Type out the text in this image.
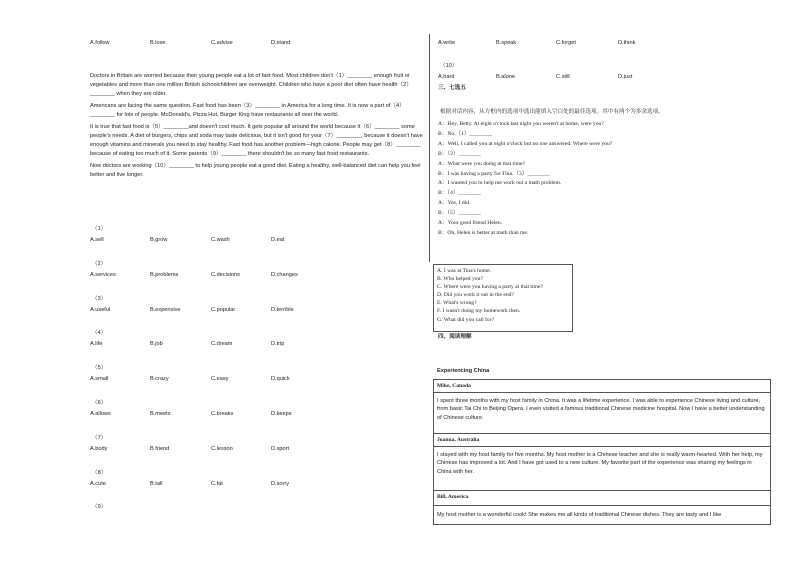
A.follow	B.lose	C.advise	D.stand

Doctors in Britain are worried because their young people eat a lot of fast food. Most children don't（1）________ enough fruit or vegetables and more than one million British schoolchildren are overweight. Children who have a poor diet often have health（2）________ when they are older.

Americans are facing the same question. Fast food has been（3）________ in America for a long time. It is now a part of（4）________ for lots of people. McDonald's, Pizza Hut, Burger King have restaurants all over the world.

It is true that fast food is（5）________and doesn't cost much. It gets popular all around the world because it（6）________ some people's needs. A diet of burgers, chips and soda may taste delicious, but it isn't good for your（7）________, because it doesn't have enough vitamins and minerals you need to stay healthy. Fast food has another problem—high calorie. People may get（8）________ because of eating too much of it. Some parents（9）________ there shouldn't be so many fast food restaurants.

Now doctors are working（10）________ to help young people eat a good diet. Eating a healthy, well-balanced diet can help you feel better and live longer.

（1）
A.sell	B.grow	C.wash	D.eat
（2）
A.services	B.problems	C.decisions	D.changes
（3）
A.useful	B.expensive	C.popular	D.terrible
（4）
A.life	B.job	C.dream	D.trip
（5）
A.small	B.crazy	C.easy	D.quick
（6）
A.allows	B.meets	C.breaks	D.keeps
（7）
A.body	B.friend	C.lesson	D.sport
（8）
A.cute	B.tall	C.fat	D.sorry
（9）
A.write	B.speak	C.forget	D.think
（10）
A.hard	B.alone	C.still	D.just
三、七选五
根据对话内容，从方框内的选项中选出能填入空白处的最佳选项。其中有两个为多余选项。
A：Hey, Betty. At eight o'clock last night you weren't at home, were you?
B：No.（1）________
A：Well, I called you at eight o'clock but no one answered. Where were you?
B：（2）________
A：What were you doing at that time?
B：I was having a party for Tina.（3）________
A：I wanted you to help me work out a math problem.
B：（4）________
A：Yes, I did.
B：（5）________
A：Your good friend Helen.
B：Oh, Helen is better at math than me.
A. I was at Tina's home.
B. Who helped you?
C. Where were you having a party at that time?
D. Did you work it out in the end?
E. What's wrong?
F. I wasn't doing my homework then.
G. What did you call for?
四、阅读理解
Experiencing China
Mike, Canada
I spent three months with my host family in China. It was a lifetime experience. I was able to experience Chinese living and culture, from basic Tai Chi to Beijing Opera. I even visited a famous traditional Chinese medicine hospital. Now I have a better understanding of Chinese culture.
Joanna, Australia
I stayed with my host family for five months. My host mother is a Chinese teacher and she is really warm-hearted. With her help, my Chinese has improved a lot. And I have got used to a new culture. My favorite part of the experience was sharing my feelings in China with her.
Bill, America
My host mother is a wonderful cook! She makes me all kinds of traditional Chinese dishes. They are tasty and I like
